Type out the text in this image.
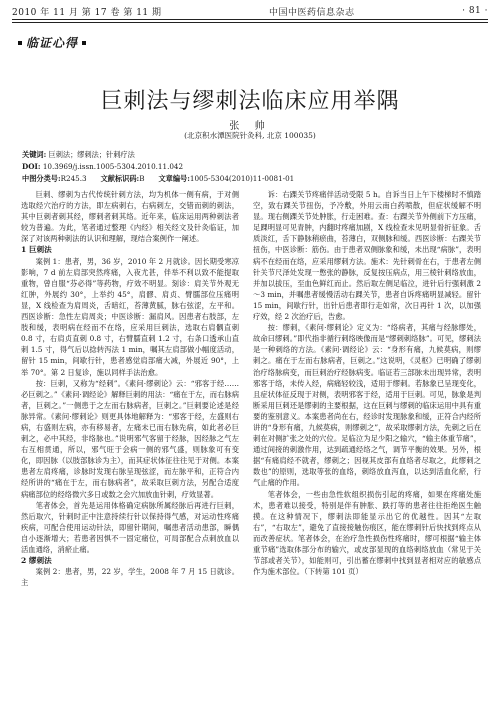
2010 年 11 月 第 17 卷 第 11 期	中国中医药信息杂志	· 81 ·
临证心得
巨刺法与缪刺法临床应用举隅
张 帅
(北京积水潭医院针灸科, 北京 100035)
关键词: 巨刺法；缪刺法；针刺疗法
DOI: 10.3969/j.issn.1005-5304.2010.11.042
中图分类号:R245.3 文献标识码:B 文章编号:1005-5304(2010)11-0081-01

巨刺、缪刺为古代传统针刺方法，均为机体一侧有病，于对侧选取经穴治疗的方法，即左病刺右，右病刺左，交错而刺的刺法，其中巨刺者刺其经，缪刺者刺其络。近年来，临床运用两种刺法者较为普遍。为此，笔者通过整理《内经》相关经文及针灸临证，加深了对该两种刺法的认识和理解，现结合案例作一阐述。

1 巨刺法

案例 1：患者，男，36 岁，2010 年 2 月就诊。因长期受寒凉影响，7 d 前左肩部突然疼痛，入夜尤甚，伴举不利以致不能提取重物，曾自服“芬必得”等药物，疗效不明显。刻诊：肩关节外观无红肿，外展约 30°，上举约 45°，肩髎、肩贞、臂臑部位压痛明显，X 线检查为肩周炎，舌暗红，苔薄黄腻，脉右弦涩，左平和。西医诊断：急性左肩周炎；中医诊断：漏肩风。因患者右肢部，左肢和缓，表明病在经而不在络，应采用巨刺法，选取右肩髃直刺 0.8 寸，右肩贞直刺 0.8 寸，右臂臑直刺 1.2 寸，右条口透承山直刺 1.5 寸，得气后以捻转泻法 1 min，嘱其左肩部做小幅度活动，留针 15 min，间歇行针，患者感觉肩部痛大减，外展近 90°，上举 70°。第 2 日复诊，施以同样手法治愈。

按：巨刺，又称为“经刺”。《素问·缪刺论》云：“邪客于经……必巨刺之。”《素问·调经论》解释巨刺的用法：“痛在于左，而右脉病者，巨刺之。”一侧患于之左而右脉病者，巨刺之。”巨刺要论述是经脉异常。《素问·缪刺论》则更具体地解释为：“邪客于经，左盛则右病，右盛则左病，亦有移易者，左痛未已而右脉先病，如此者必巨刺之，必中其经，非络脉也。”说明邪气客留于经脉，因经脉之气左右互相贯通，所以，邪气旺于会病一侧的邪气盛，则脉象可有变化，即因脉（以肢部脉诊为主），而其症状体征往往见于对侧。本案患者左肩疼痛，诊脉时发现右脉呈现弦涩，而左脉平和，正符合内经所讲的“痛在于左，而右脉病者”，故采取巨刺方法，另配合适度病痛部位的经络微穴多日或数之会穴加放血针刺，疗效显著。

笔者体会，首先是运用体格确定病脉所属经脉后再进行巨刺，然后取穴，针刺时正中注意持续行针以保持得气感，对运动性疼痛疾病，可配合使用运动针法，即留针期间，嘱患者活动患部，瞬偶自小逐渐增大；若患者因惧不一固定痛位，可局部配合点刺放血以活血通络，消瘀止痛。

2 缪刺法

案例 2：患者，男，22 岁，学生，2008 年 7 月 15 日就诊。主

诉：右踝关节疼痛伴活动受限 5 h。自诉当日上午下楼梯时不慎踏空，致右踝关节扭伤，予冷敷，外用云南白药喷散，但症状缓解不明显。现右侧踝关节处肿胀，行走困难。查：右踝关节外侧前下方压痛，足踝明显可见青肿，内翻时疼痛加剧，X 线检查未见明显骨折征象。舌质淡红，舌下静脉稍瘀曲，苔薄白，双侧脉和缓。西医诊断：右踝关节扭伤，中医诊断：筋伤。由于患者双侧脉象和缓，未出现“病脉”，表明病不在经而在络，应采用缪刺方法。施术：先针刺骨在右，于患者左侧针关节尺泽处发现一憋张的静脉，反复按压病点，用三棱针刺络放血，并加以拔压，至血色鲜红而止。然后取左侧足临泣，进针后行强刺激 2～3 min，并嘱患者缓慢活动右踝关节，患者自诉疼痛明显减轻。留针 15 min，间歇行针，出针后患者即行走如常，次日再针 1 次，以加强疗效，经 2 次治疗后，告愈。

按：缪刺，《素问·缪刺论》定义为：“络病者，其痛与经脉缪处，故命曰缪刺。”即代指非循行刺络映像而是“缪刺刺络脉”。可见，缪刺法是一种刺络的方法。《素问·调经论》云：“身形有痛，九候莫病，则缪刺之。痛在于左而右脉病者，巨刺之。”这说明，《灵枢》已明确了缪刺治疗络脉病变，而巨刺治疗经脉病变。临证若三部脉未出现异常，表明邪客于络，未传入经，病痛轻较浅，适用于缪刺。若脉象已呈现变化，且症状体征反现于对侧，表明邪客于经，适用于巨刺。可见，脉象是判断采用巨刺还是缪刺的主要根据，这在巨刺与缪刺的临床运用中具有重要的鉴别意义。本案患者尚在右，经诊时发现脉象和缓，正符合内经所讲的“身形有痛，九候莫病，则缪刺之”，故采取缪刺方法，先刺之后在刺在对侧扩张之处的穴位。足临泣为足少阳之输穴，“输主体重节痛”，通过间接的刺激作用，达到疏通经络之气，调节平衡的效果。另外，根据“有痛肩经不就者，缪刺之；因视其皮部有血络者尽取之，此缪刺之数也”的原则，选取等张的血络，刺络放血泻血，以达到活血化瘀，行气止痛的作用。

笔者体会，一些由急性软组织损伤引起的疼痛，如果在疼痛处施术，患者难以接受，特别是伴有肿胀、跌打等的患者往往拒绝医生触摸。在这种情况下，缪刺法即能显示出它的优越性。因其“左取右”，“右取左”，避免了直接接触伤痕区，能在缪刺针后快找到疼点从而改善症状。笔者体会，在治疗急性损伤性疼痛时，缪可根据“输主体重节痛”选取体部分布的输穴，或皮部显现的血络刺络放血（常见于关节部或者关节），如能则可，引出蓄在缪刺中找到显者相对应的敏感点作为施术部位。（下转第 101 页）
